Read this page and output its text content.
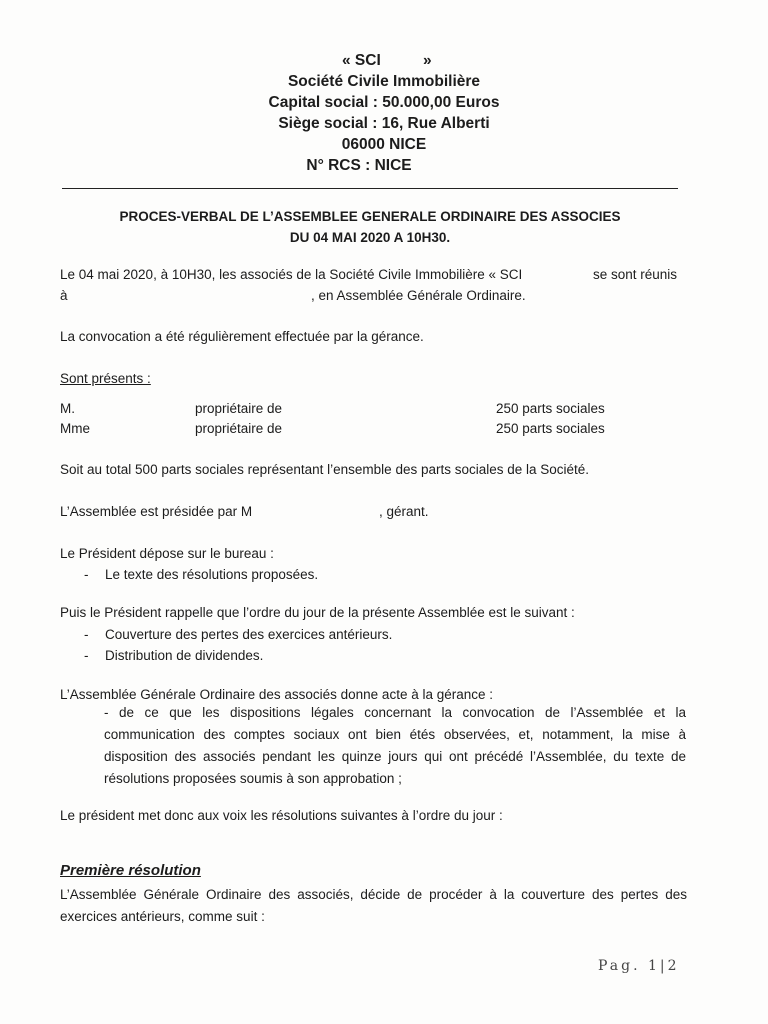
« SCI	»
Société Civile Immobilière
Capital social : 50.000,00 Euros
Siège social : 16, Rue Alberti
06000 NICE
N° RCS : NICE
PROCES-VERBAL DE L’ASSEMBLEE GENERALE ORDINAIRE DES ASSOCIES
DU 04 MAI 2020 A 10H30.
Le 04 mai 2020, à 10H30, les associés de la Société Civile Immobilière « SCI	se sont réunis
à	, en Assemblée Générale Ordinaire.
La convocation a été régulièrement effectuée par la gérance.
Sont présents :
M.	propriétaire de	250 parts sociales
Mme	propriétaire de	250 parts sociales
Soit au total 500 parts sociales représentant l’ensemble des parts sociales de la Société.
L’Assemblée est présidée par M	, gérant.
Le Président dépose sur le bureau :
- Le texte des résolutions proposées.
Puis le Président rappelle que l’ordre du jour de la présente Assemblée est le suivant :
- Couverture des pertes des exercices antérieurs.
- Distribution de dividendes.
L’Assemblée Générale Ordinaire des associés donne acte à la gérance :
- de ce que les dispositions légales concernant la convocation de l’Assemblée et la communication des comptes sociaux ont bien étés observées, et, notamment, la mise à disposition des associés pendant les quinze jours qui ont précédé l’Assemblée, du texte de résolutions proposées soumis à son approbation ;
Le président met donc aux voix les résolutions suivantes à l’ordre du jour :
Première résolution
L’Assemblée Générale Ordinaire des associés, décide de procéder à la couverture des pertes des exercices antérieurs, comme suit :
Pag. 1|2
